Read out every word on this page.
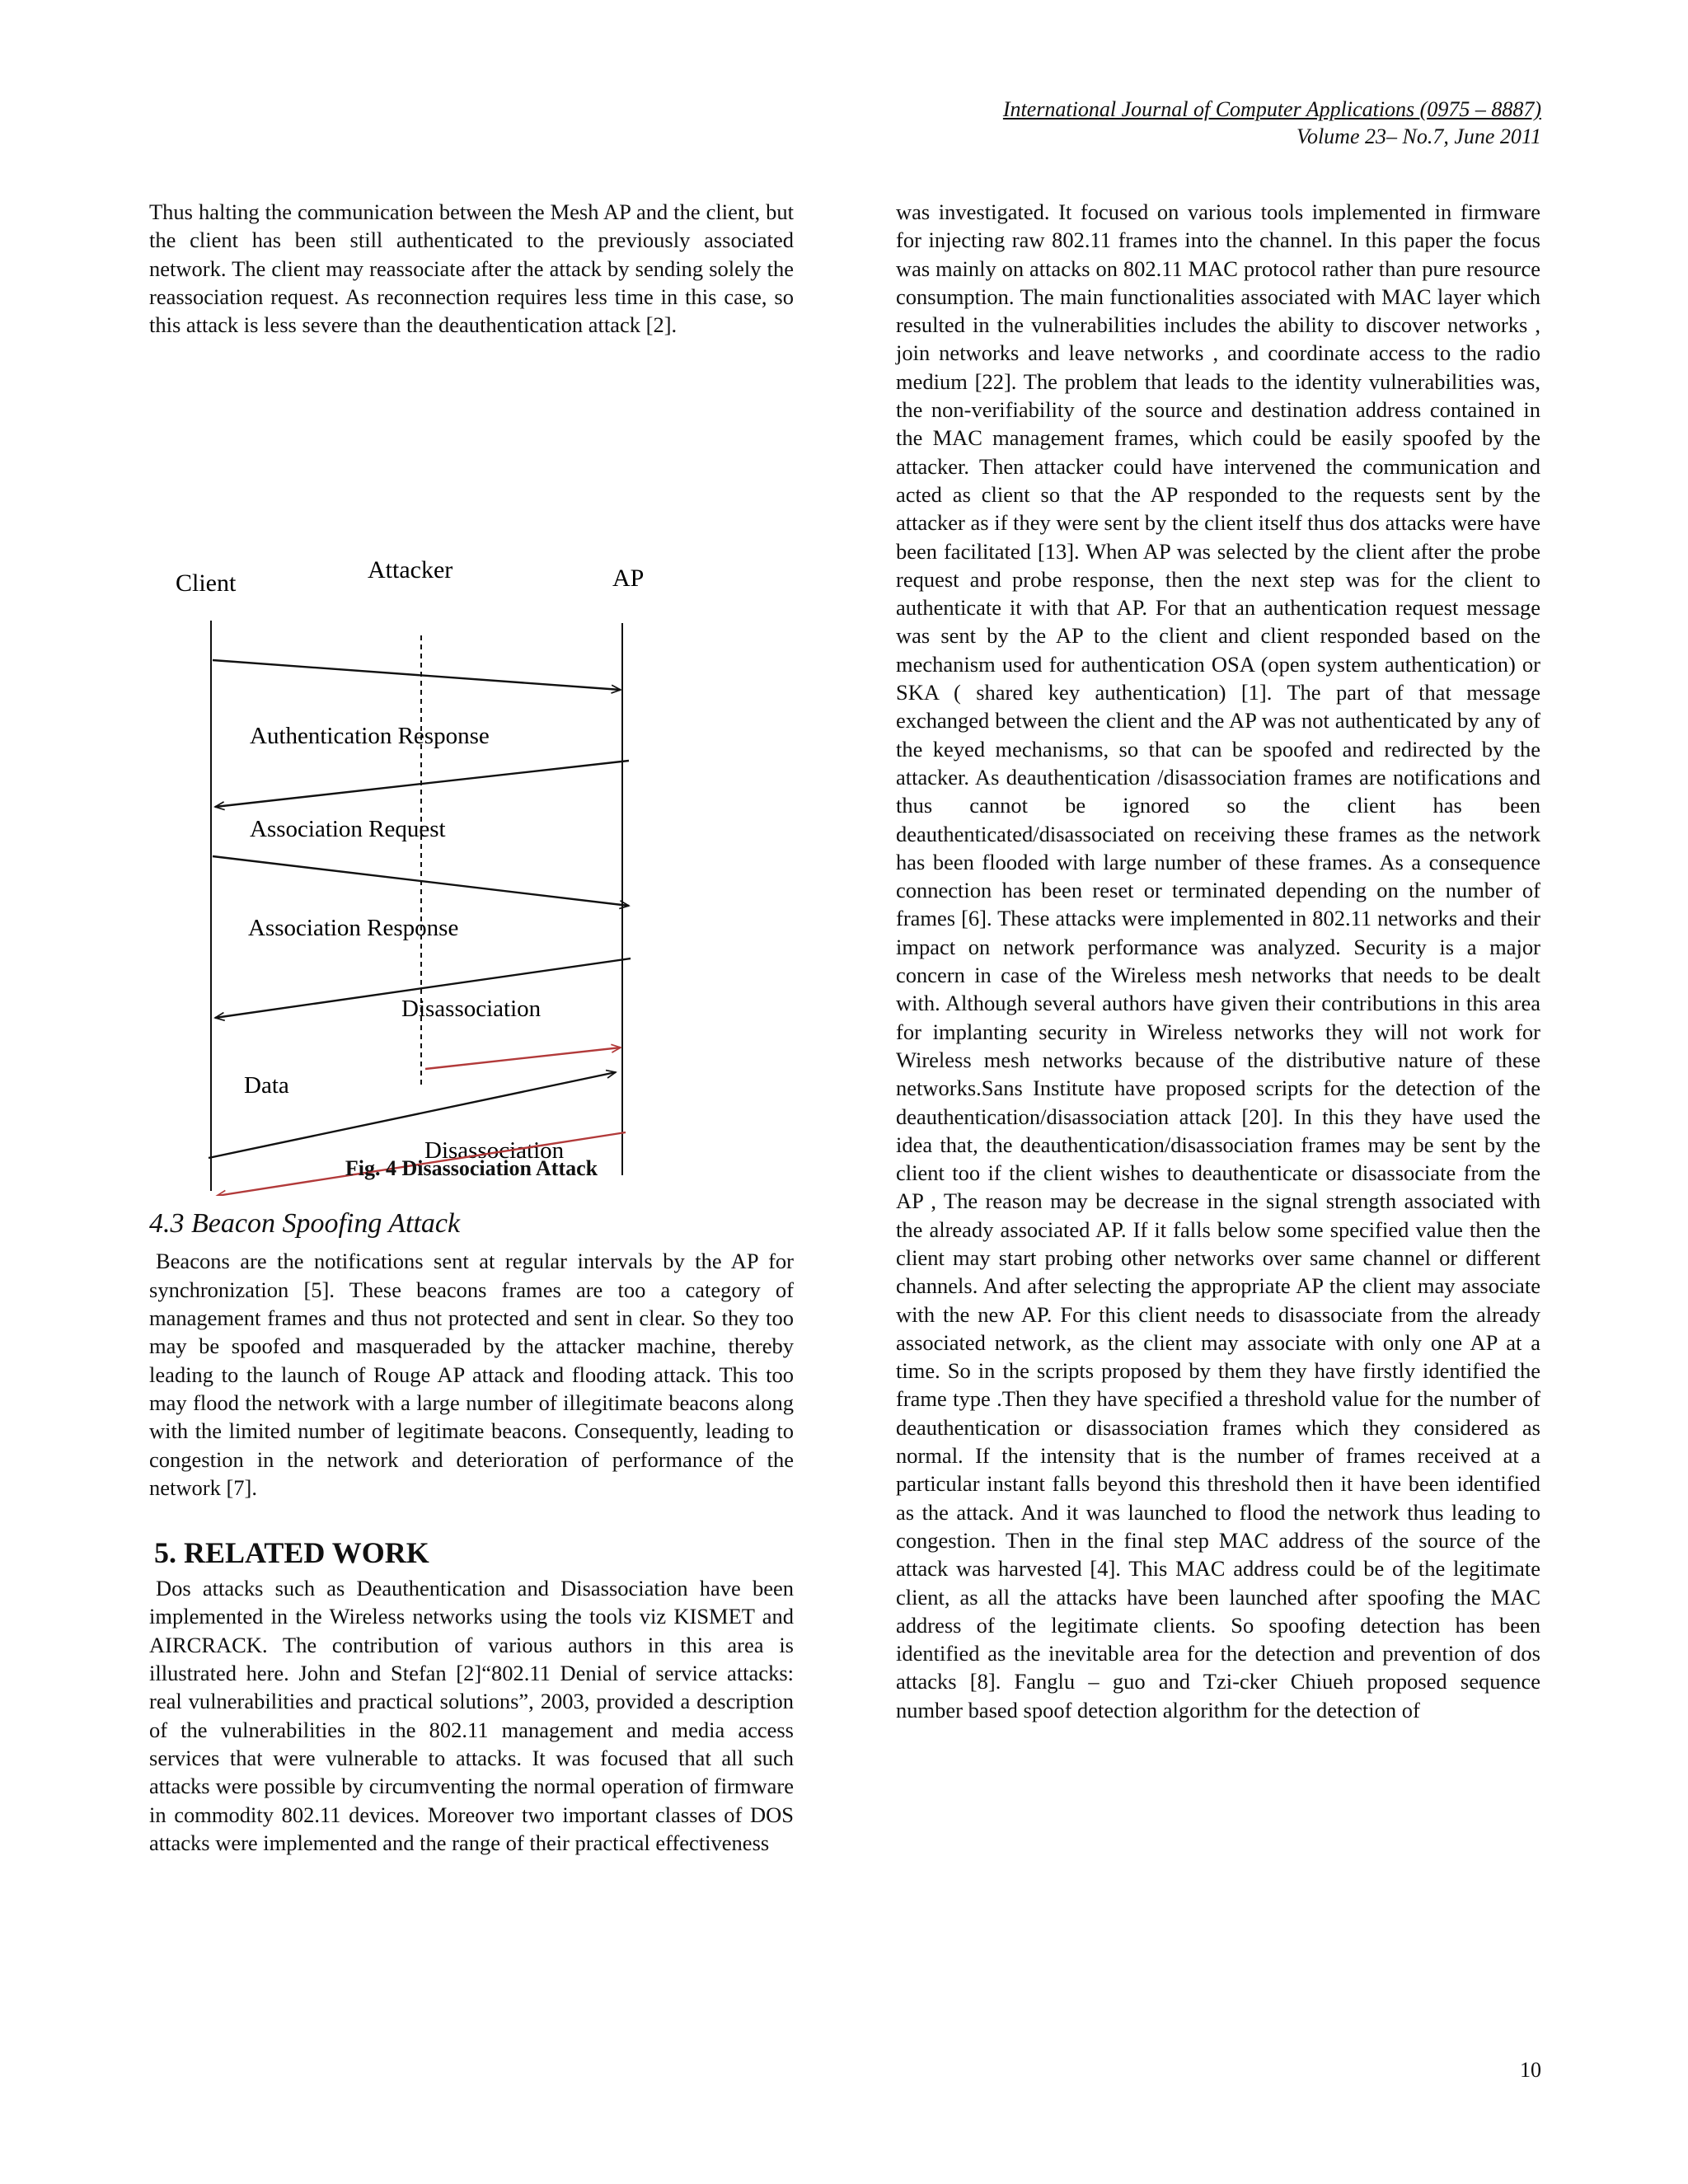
International Journal of Computer Applications (0975 – 8887)
Volume 23– No.7, June 2011

Thus halting the communication between the Mesh AP and the client, but the client has been still authenticated to the previously associated network. The client may reassociate after the attack by sending solely the reassociation request. As reconnection requires less time in this case, so this attack is less severe than the deauthentication attack [2].

Client	Attacker	AP
Authentication Response
Association Request
Association Response
Disassociation
Data
Disassociation
Fig. 4 Disassociation Attack
4.3 Beacon Spoofing Attack

Beacons are the notifications sent at regular intervals by the AP for synchronization [5]. These beacons frames are too a category of management frames and thus not protected and sent in clear. So they too may be spoofed and masqueraded by the attacker machine, thereby leading to the launch of Rouge AP attack and flooding attack. This too may flood the network with a large number of illegitimate beacons along with the limited number of legitimate beacons. Consequently, leading to congestion in the network and deterioration of performance of the network [7].

5. RELATED WORK

Dos attacks such as Deauthentication and Disassociation have been implemented in the Wireless networks using the tools viz KISMET and AIRCRACK. The contribution of various authors in this area is illustrated here. John and Stefan [2]“802.11 Denial of service attacks: real vulnerabilities and practical solutions”, 2003, provided a description of the vulnerabilities in the 802.11 management and media access services that were vulnerable to attacks. It was focused that all such attacks were possible by circumventing the normal operation of firmware in commodity 802.11 devices. Moreover two important classes of DOS attacks were implemented and the range of their practical effectiveness

was investigated. It focused on various tools implemented in firmware for injecting raw 802.11 frames into the channel. In this paper the focus was mainly on attacks on 802.11 MAC protocol rather than pure resource consumption. The main functionalities associated with MAC layer which resulted in the vulnerabilities includes the ability to discover networks , join networks and leave networks , and coordinate access to the radio medium [22]. The problem that leads to the identity vulnerabilities was, the non-verifiability of the source and destination address contained in the MAC management frames, which could be easily spoofed by the attacker. Then attacker could have intervened the communication and acted as client so that the AP responded to the requests sent by the attacker as if they were sent by the client itself thus dos attacks were have been facilitated [13]. When AP was selected by the client after the probe request and probe response, then the next step was for the client to authenticate it with that AP. For that an authentication request message was sent by the AP to the client and client responded based on the mechanism used for authentication OSA (open system authentication) or SKA ( shared key authentication) [1]. The part of that message exchanged between the client and the AP was not authenticated by any of the keyed mechanisms, so that can be spoofed and redirected by the attacker. As deauthentication /disassociation frames are notifications and thus cannot be ignored so the client has been deauthenticated/disassociated on receiving these frames as the network has been flooded with large number of these frames. As a consequence connection has been reset or terminated depending on the number of frames [6]. These attacks were implemented in 802.11 networks and their impact on network performance was analyzed. Security is a major concern in case of the Wireless mesh networks that needs to be dealt with. Although several authors have given their contributions in this area for implanting security in Wireless networks they will not work for Wireless mesh networks because of the distributive nature of these networks.Sans Institute have proposed scripts for the detection of the deauthentication/disassociation attack [20]. In this they have used the idea that, the deauthentication/disassociation frames may be sent by the client too if the client wishes to deauthenticate or disassociate from the AP , The reason may be decrease in the signal strength associated with the already associated AP. If it falls below some specified value then the client may start probing other networks over same channel or different channels. And after selecting the appropriate AP the client may associate with the new AP. For this client needs to disassociate from the already associated network, as the client may associate with only one AP at a time. So in the scripts proposed by them they have firstly identified the frame type .Then they have specified a threshold value for the number of deauthentication or disassociation frames which they considered as normal. If the intensity that is the number of frames received at a particular instant falls beyond this threshold then it have been identified as the attack. And it was launched to flood the network thus leading to congestion. Then in the final step MAC address of the source of the attack was harvested [4]. This MAC address could be of the legitimate client, as all the attacks have been launched after spoofing the MAC address of the legitimate clients. So spoofing detection has been identified as the inevitable area for the detection and prevention of dos attacks [8]. Fanglu – guo and Tzi-cker Chiueh proposed sequence number based spoof detection algorithm for the detection of

10
